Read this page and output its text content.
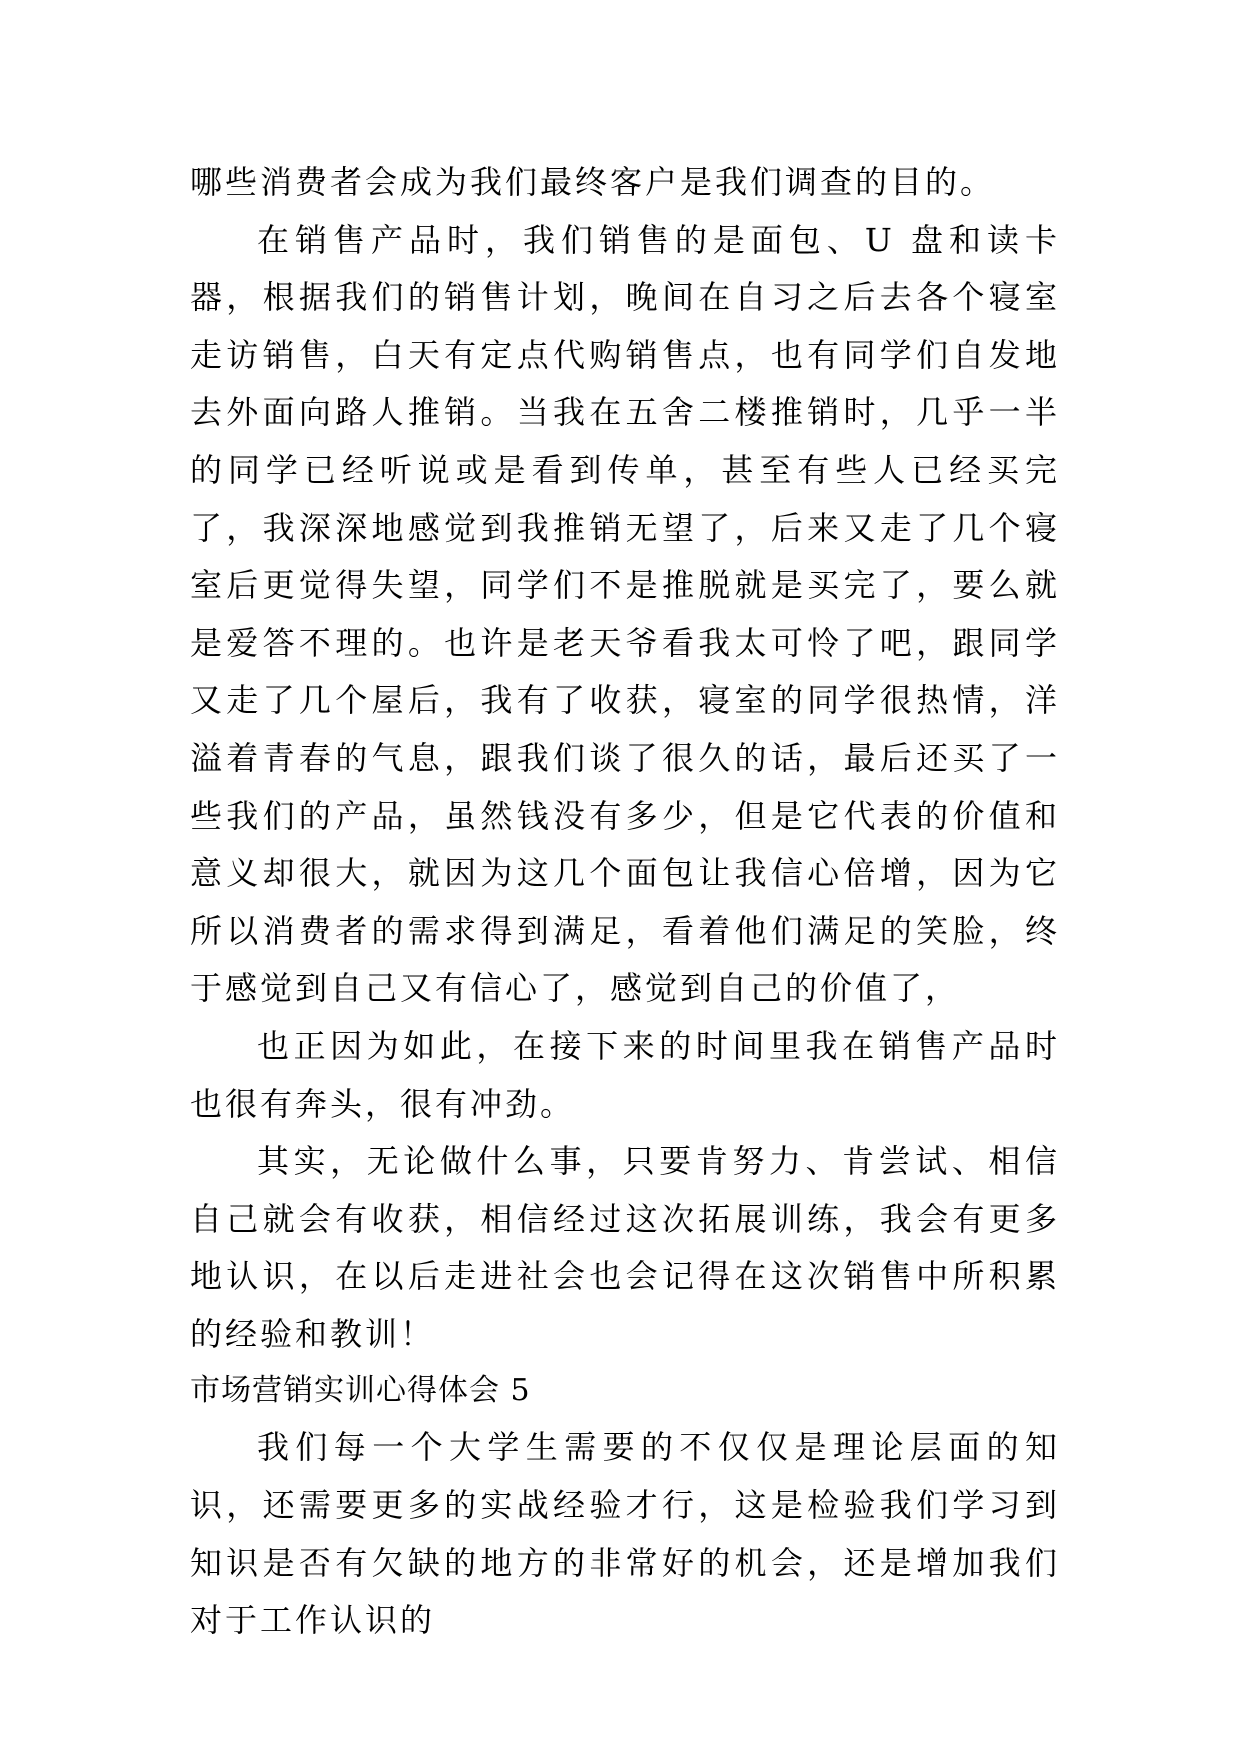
哪些消费者会成为我们最终客户是我们调查的目的。

在销售产品时，我们销售的是面包、U 盘和读卡器，根据我们的销售计划，晚间在自习之后去各个寝室走访销售，白天有定点代购销售点，也有同学们自发地去外面向路人推销。当我在五舍二楼推销时，几乎一半的同学已经听说或是看到传单，甚至有些人已经买完了，我深深地感觉到我推销无望了，后来又走了几个寝室后更觉得失望，同学们不是推脱就是买完了，要么就是爱答不理的。也许是老天爷看我太可怜了吧，跟同学又走了几个屋后，我有了收获，寝室的同学很热情，洋溢着青春的气息，跟我们谈了很久的话，最后还买了一些我们的产品，虽然钱没有多少，但是它代表的价值和意义却很大，就因为这几个面包让我信心倍增，因为它所以消费者的需求得到满足，看着他们满足的笑脸，终于感觉到自己又有信心了，感觉到自己的价值了，

也正因为如此，在接下来的时间里我在销售产品时也很有奔头，很有冲劲。

其实，无论做什么事，只要肯努力、肯尝试、相信自己就会有收获，相信经过这次拓展训练，我会有更多地认识，在以后走进社会也会记得在这次销售中所积累的经验和教训！

市场营销实训心得体会 5

我们每一个大学生需要的不仅仅是理论层面的知识，还需要更多的实战经验才行，这是检验我们学习到知识是否有欠缺的地方的非常好的机会，还是增加我们对于工作认识的
